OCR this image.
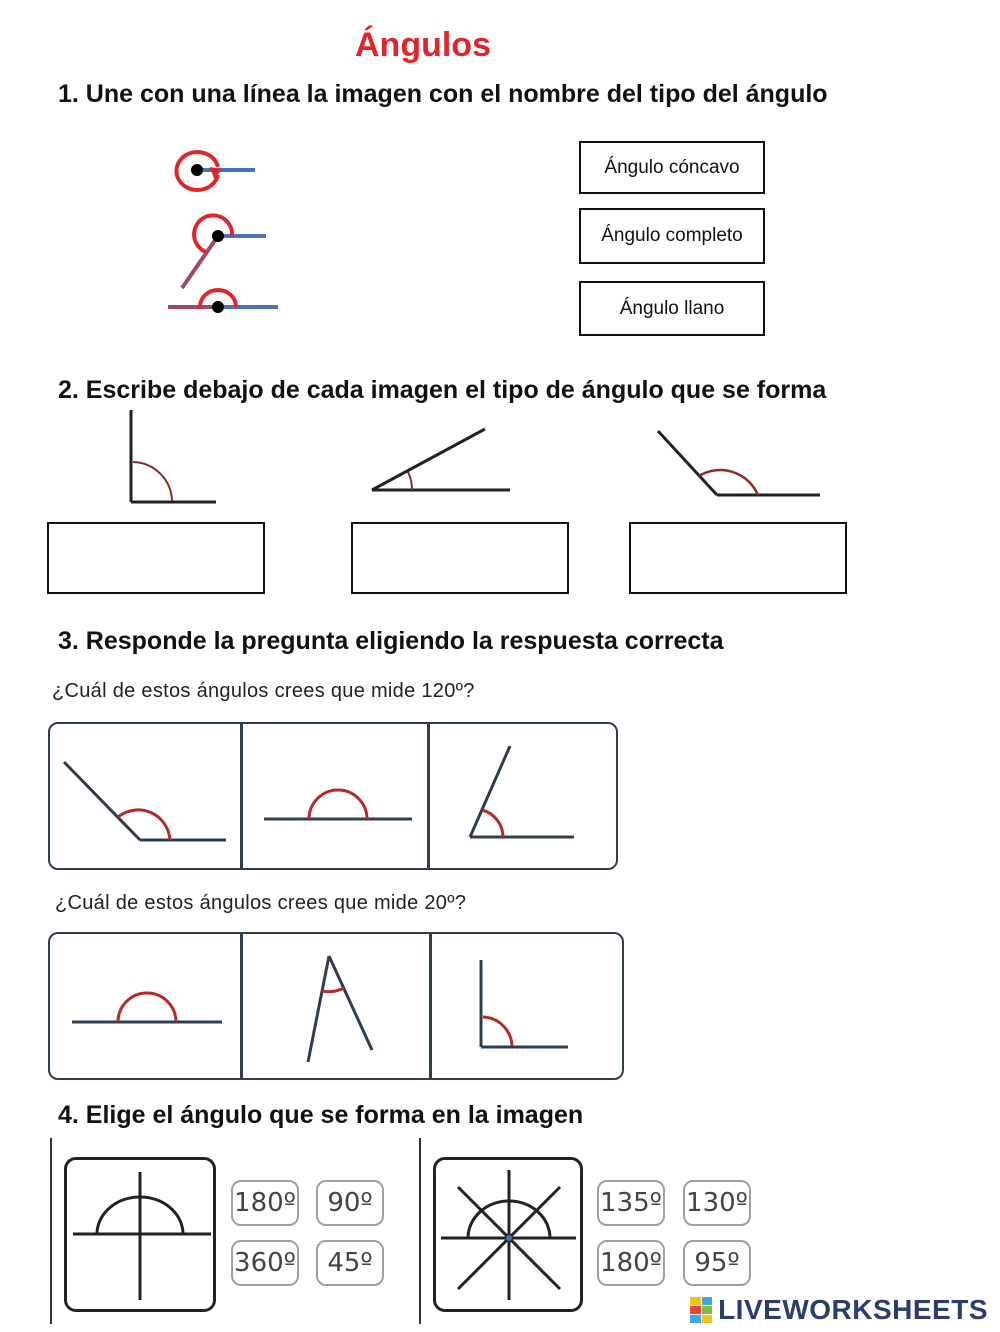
Ángulos
1. Une con una línea la imagen con el nombre del tipo del ángulo
Ángulo cóncavo
Ángulo completo
Ángulo llano
2. Escribe debajo de cada imagen el tipo de ángulo que se forma
3. Responde la pregunta eligiendo la respuesta correcta
¿Cuál de estos ángulos crees que mide 120º?
¿Cuál de estos ángulos crees que mide 20º?
4. Elige el ángulo que se forma en la imagen
180º	90º
360º	45º
135º 130º
180º	95º
LIVEWORKSHEETS
